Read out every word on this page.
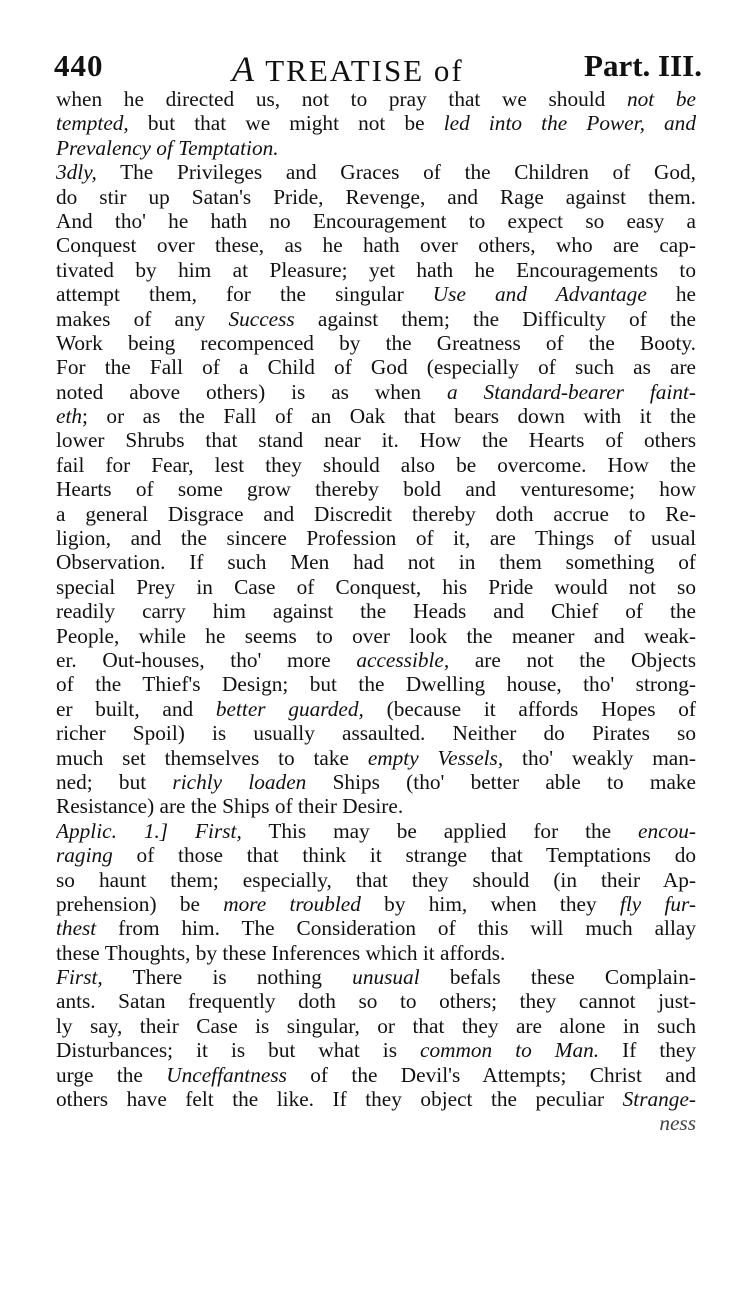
440	A TREATISE of	Part. III.
when he directed us, not to pray that we should not be
tempted, but that we might not be led into the Power, and
Prevalency of Temptation.
3dly, The Privileges and Graces of the Children of God,
do stir up Satan's Pride, Revenge, and Rage against them.
And tho' he hath no Encouragement to expect so easy a
Conquest over these, as he hath over others, who are cap-
tivated by him at Pleasure; yet hath he Encouragements to
attempt them, for the singular Use and Advantage he
makes of any Success against them; the Difficulty of the
Work being recompenced by the Greatness of the Booty.
For the Fall of a Child of God (especially of such as are
noted above others) is as when a Standard-bearer faint-
eth; or as the Fall of an Oak that bears down with it the
lower Shrubs that stand near it. How the Hearts of others
fail for Fear, lest they should also be overcome. How the
Hearts of some grow thereby bold and venturesome; how
a general Disgrace and Discredit thereby doth accrue to Re-
ligion, and the sincere Profession of it, are Things of usual
Observation. If such Men had not in them something of
special Prey in Case of Conquest, his Pride would not so
readily carry him against the Heads and Chief of the
People, while he seems to over look the meaner and weak-
er. Out-houses, tho' more accessible, are not the Objects
of the Thief's Design; but the Dwelling house, tho' strong-
er built, and better guarded, (because it affords Hopes of
richer Spoil) is usually assaulted. Neither do Pirates so
much set themselves to take empty Vessels, tho' weakly man-
ned; but richly loaden Ships (tho' better able to make
Resistance) are the Ships of their Desire.
Applic. 1.] First, This may be applied for the encou-
raging of those that think it strange that Temptations do
so haunt them; especially, that they should (in their Ap-
prehension) be more troubled by him, when they fly fur-
thest from him. The Consideration of this will much allay
these Thoughts, by these Inferences which it affords.
First, There is nothing unusual befals these Complain-
ants. Satan frequently doth so to others; they cannot just-
ly say, their Case is singular, or that they are alone in such
Disturbances; it is but what is common to Man. If they
urge the Unceffantness of the Devil's Attempts; Christ and
others have felt the like. If they object the peculiar Strange-
ness
